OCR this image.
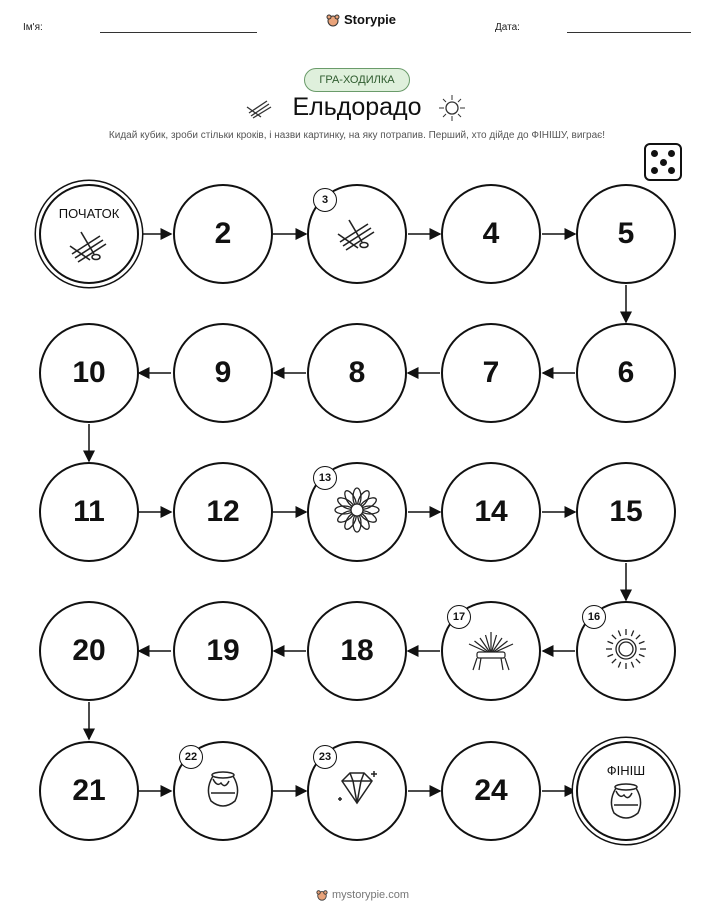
Ім'я:	Дата:
Storypie
ГРА-ХОДИЛКА
Ельдорадо
Кидай кубик, зроби стільки кроків, і назви картинку, на яку потрапив. Перший, хто дійде до ФІНІШУ, виграє!
ПОЧАТОК
2
3
4	5
6
7
8
9
10
11	12
13
14	15
16
17
18
19
20
21
22	23
24
ФІНІШ
mystorypie.com
